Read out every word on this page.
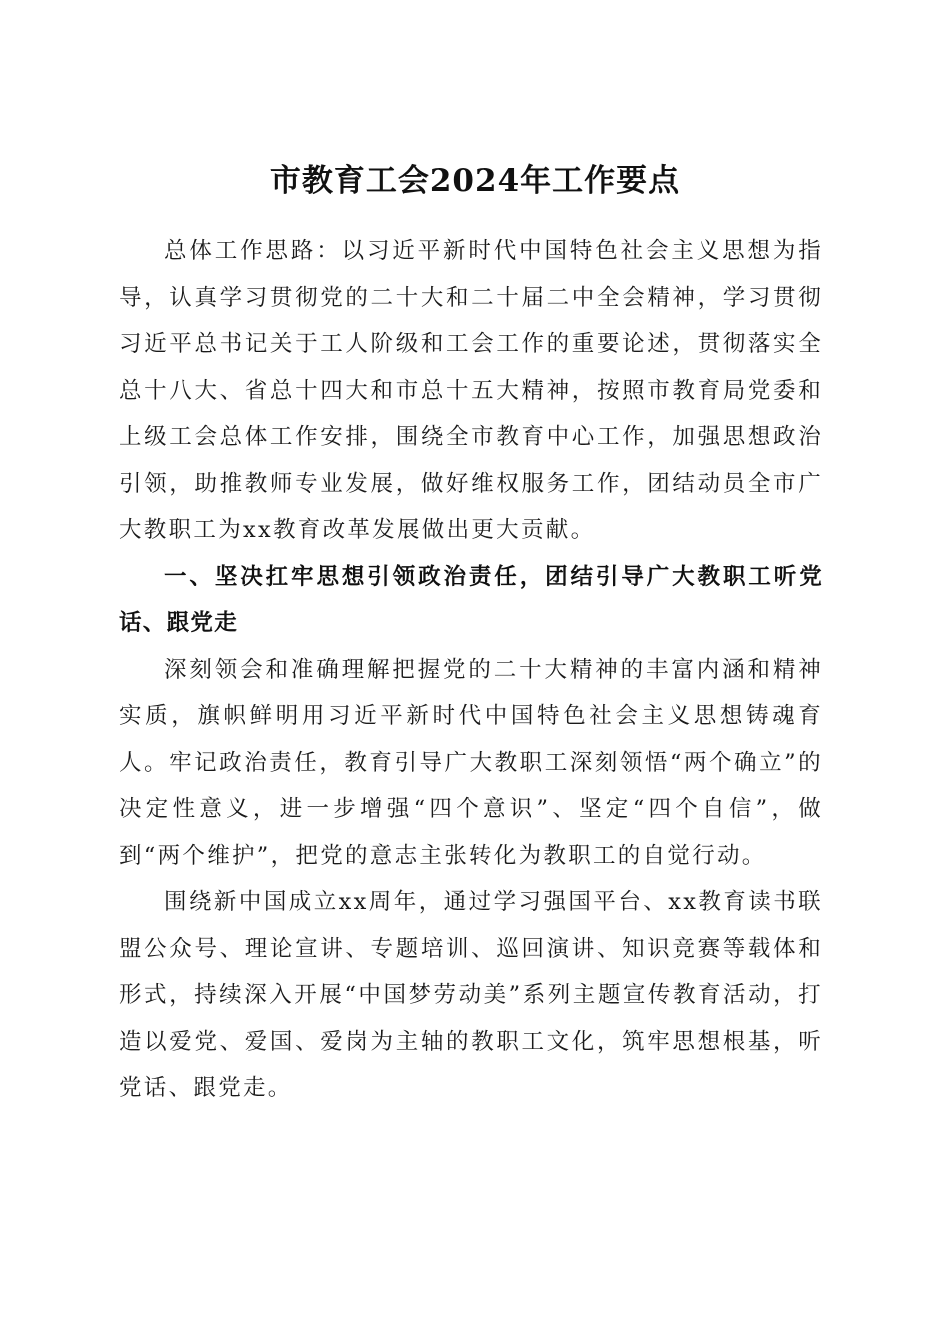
市教育工会2024年工作要点

总体工作思路：以习近平新时代中国特色社会主义思想为指导，认真学习贯彻党的二十大和二十届二中全会精神，学习贯彻习近平总书记关于工人阶级和工会工作的重要论述，贯彻落实全总十八大、省总十四大和市总十五大精神，按照市教育局党委和上级工会总体工作安排，围绕全市教育中心工作，加强思想政治引领，助推教师专业发展，做好维权服务工作，团结动员全市广大教职工为xx教育改革发展做出更大贡献。

一、坚决扛牢思想引领政治责任，团结引导广大教职工听党话、跟党走

深刻领会和准确理解把握党的二十大精神的丰富内涵和精神实质，旗帜鲜明用习近平新时代中国特色社会主义思想铸魂育人。牢记政治责任，教育引导广大教职工深刻领悟“两个确立”的决定性意义，进一步增强“四个意识”、坚定“四个自信”，做到“两个维护”，把党的意志主张转化为教职工的自觉行动。

围绕新中国成立xx周年，通过学习强国平台、xx教育读书联盟公众号、理论宣讲、专题培训、巡回演讲、知识竞赛等载体和形式，持续深入开展“中国梦劳动美”系列主题宣传教育活动，打造以爱党、爱国、爱岗为主轴的教职工文化，筑牢思想根基，听党话、跟党走。
